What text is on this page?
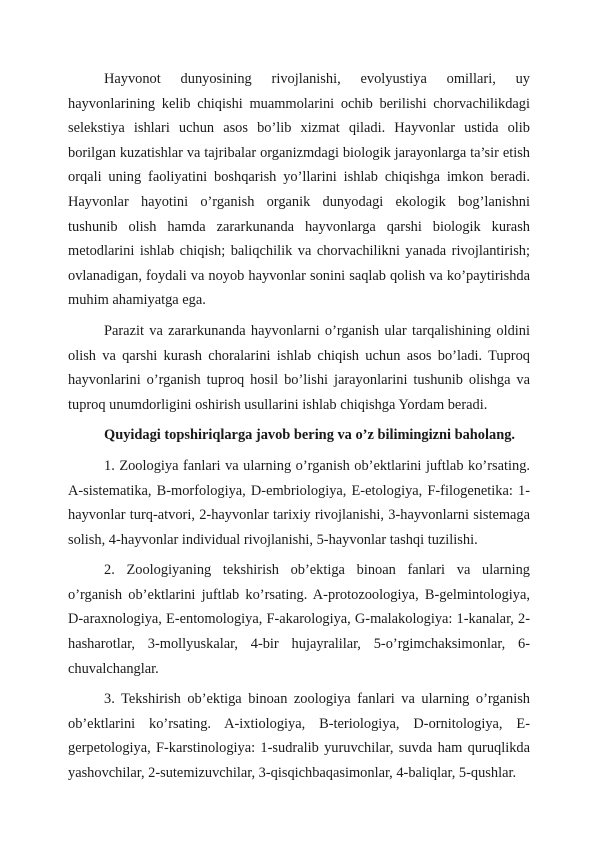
Hayvonot dunyosining rivojlanishi, evolyustiya omillari, uy hayvonlarining kelib chiqishi muammolarini ochib berilishi chorvachilikdagi selekstiya ishlari uchun asos bo’lib xizmat qiladi. Hayvonlar ustida olib borilgan kuzatishlar va tajribalar organizmdagi biologik jarayonlarga ta’sir etish orqali uning faoliyatini boshqarish yo’llarini ishlab chiqishga imkon beradi. Hayvonlar hayotini o’rganish organik dunyodagi ekologik bog’lanishni tushunib olish hamda zararkunanda hayvonlarga qarshi biologik kurash metodlarini ishlab chiqish; baliqchilik va chorvachilikni yanada rivojlantirish; ovlanadigan, foydali va noyob hayvonlar sonini saqlab qolish va ko’paytirishda muhim ahamiyatga ega.

Parazit va zararkunanda hayvonlarni o’rganish ular tarqalishining oldini olish va qarshi kurash choralarini ishlab chiqish uchun asos bo’ladi. Tuproq hayvonlarini o’rganish tuproq hosil bo’lishi jarayonlarini tushunib olishga va tuproq unumdorligini oshirish usullarini ishlab chiqishga Yordam beradi.

Quyidagi topshiriqlarga javob bering va o’z bilimingizni baholang.

1. Zoologiya fanlari va ularning o’rganish ob’ektlarini juftlab ko’rsating. A-sistematika, B-morfologiya, D-embriologiya, E-etologiya, F-filogenetika: 1-hayvonlar turq-atvori, 2-hayvonlar tarixiy rivojlanishi, 3-hayvonlarni sistemaga solish, 4-hayvonlar individual rivojlanishi, 5-hayvonlar tashqi tuzilishi.

2. Zoologiyaning tekshirish ob’ektiga binoan fanlari va ularning o’rganish ob’ektlarini juftlab ko’rsating. A-protozoologiya, B-gelmintologiya, D-araxnologiya, E-entomologiya, F-akarologiya, G-malakologiya: 1-kanalar, 2-hasharotlar, 3-mollyuskalar, 4-bir hujayralilar, 5-o’rgimchaksimonlar, 6-chuvalchanglar.

3. Tekshirish ob’ektiga binoan zoologiya fanlari va ularning o’rganish ob’ektlarini ko’rsating. A-ixtiologiya, B-teriologiya, D-ornitologiya, E-gerpetologiya, F-karstinologiya: 1-sudralib yuruvchilar, suvda ham quruqlikda yashovchilar, 2-sutemizuvchilar, 3-qisqichbaqasimonlar, 4-baliqlar, 5-qushlar.
